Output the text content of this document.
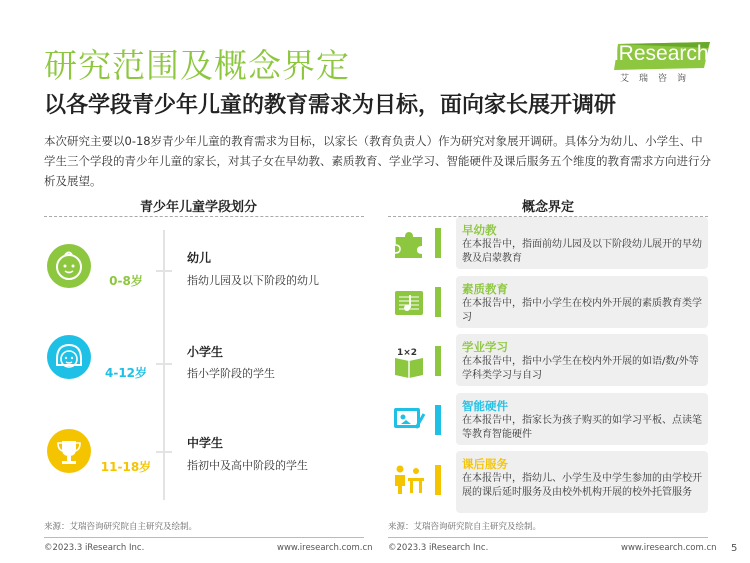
研究范围及概念界定
以各学段青少年儿童的教育需求为目标，面向家长展开调研
本次研究主要以0-18岁青少年儿童的教育需求为目标，以家长（教育负责人）作为研究对象展开调研。具体分为幼儿、小学生、中学生三个学段的青少年儿童的家长，对其子女在早幼教、素质教育、学业学习、智能硬件及课后服务五个维度的教育需求方向进行分析及展望。
iResearch
艾瑞咨询
青少年儿童学段划分
0-8岁
幼儿
指幼儿园及以下阶段的幼儿
4-12岁
小学生
指小学阶段的学生
11-18岁
中学生
指初中及高中阶段的学生
概念界定
早幼教
在本报告中，指面前幼儿园及以下阶段幼儿展开的早幼教及启蒙教育
素质教育
在本报告中，指中小学生在校内外开展的素质教育类学习
1×2	学业学习
在本报告中，指中小学生在校内外开展的如语/数/外等学科类学习与自习
智能硬件
在本报告中，指家长为孩子购买的如学习平板、点读笔等教育智能硬件
课后服务
在本报告中，指幼儿、小学生及中学生参加的由学校开展的课后延时服务及由校外机构开展的校外托管服务
来源：艾瑞咨询研究院自主研究及绘制。	来源：艾瑞咨询研究院自主研究及绘制。
©2023.3 iResearch Inc.	www.iresearch.com.cn ©2023.3 iResearch Inc.	www.iresearch.com.cn 5
